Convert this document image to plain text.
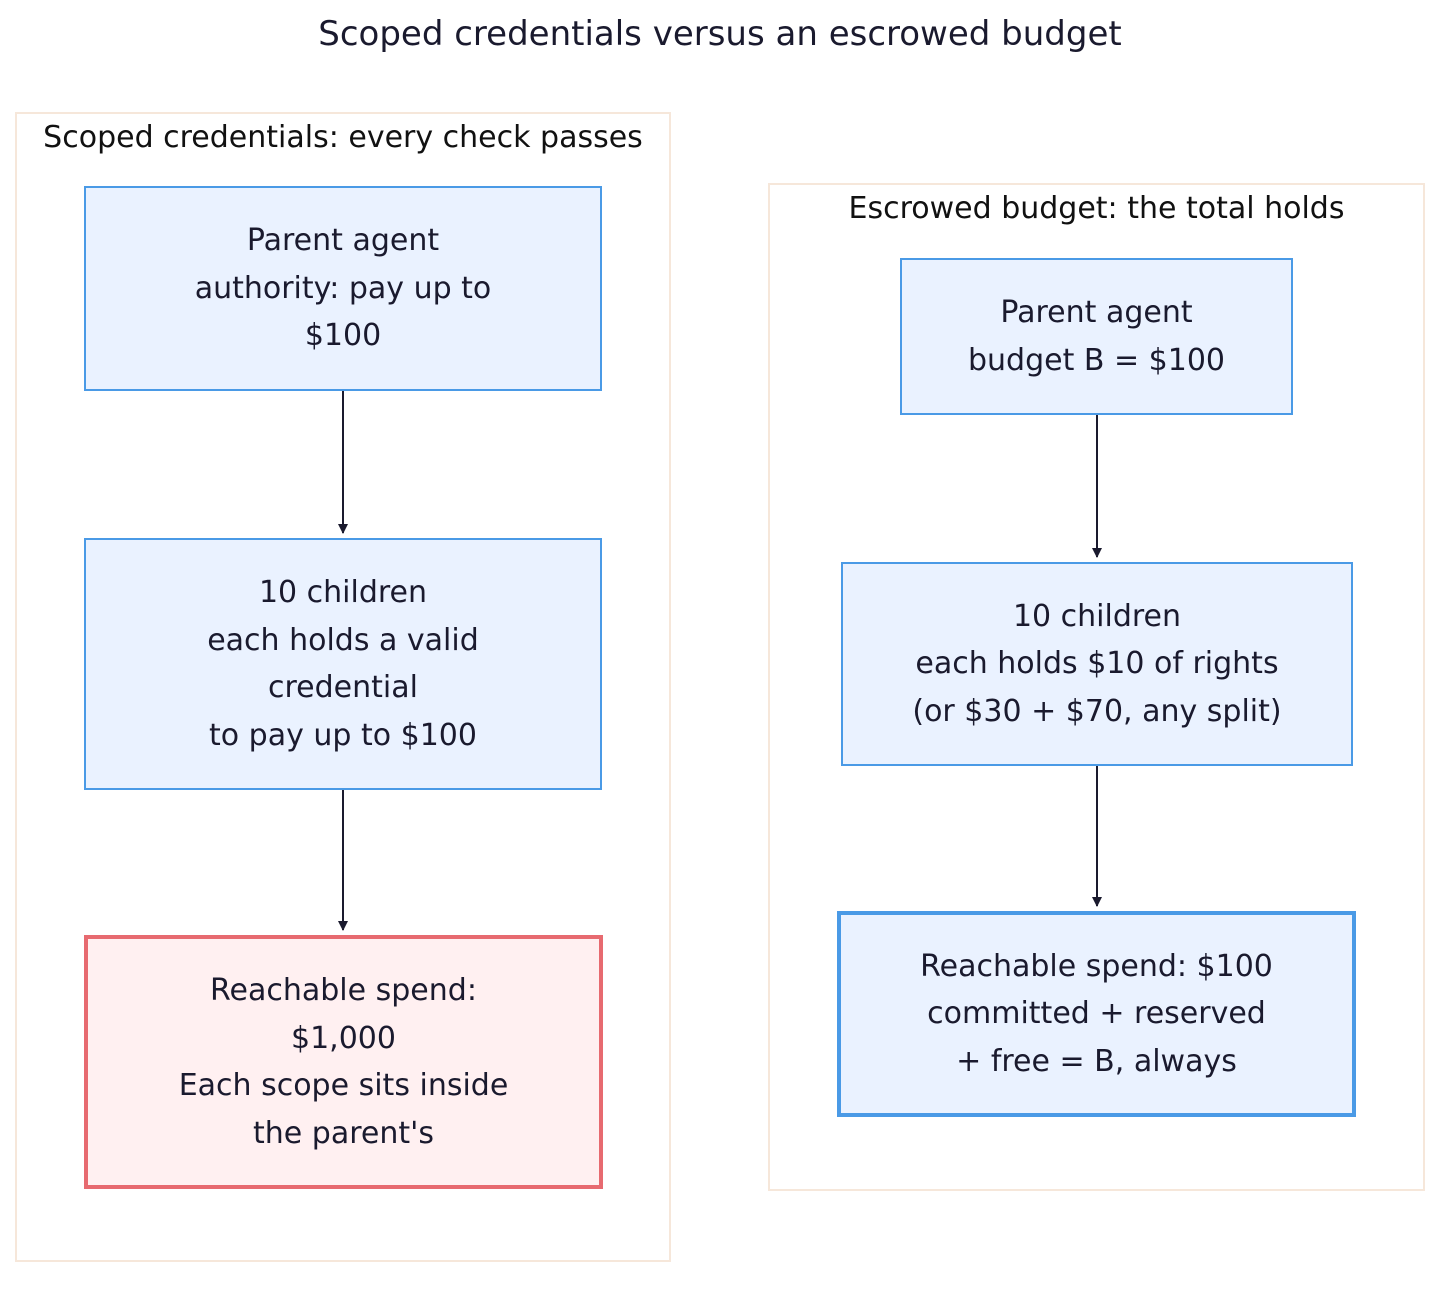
Scoped credentials versus an escrowed budget
Scoped credentials: every check passes
Parent agent
authority: pay up to
$100
10 children
each holds a valid
credential
to pay up to $100
Reachable spend:
$1,000
Each scope sits inside
the parent's
Escrowed budget: the total holds
Parent agent
budget B = $100
10 children
each holds $10 of rights
(or $30 + $70, any split)
Reachable spend: $100
committed + reserved
+ free = B, always
